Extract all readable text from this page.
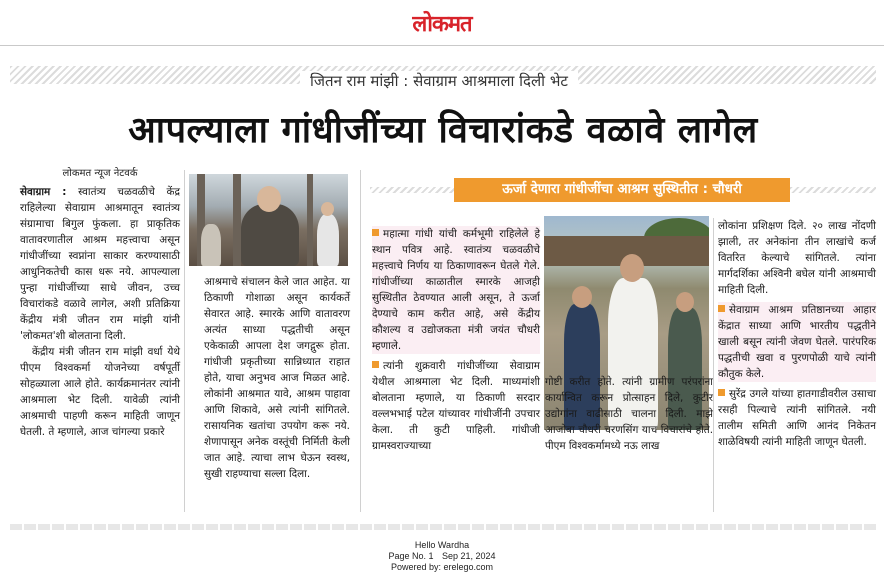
लोकमत
जितन राम मांझी : सेवाग्राम आश्रमाला दिली भेट
आपल्याला गांधीजींच्या विचारांकडे वळावे लागेल
लोकमत न्यूज नेटवर्क

सेवाग्राम : स्वातंत्र्य चळवळीचे केंद्र राहिलेल्या सेवाग्राम आश्रमातून स्वातंत्र्य संग्रामाचा बिगुल फुंकला. हा प्राकृतिक वातावरणातील आश्रम महत्त्वाचा असून गांधीजींच्या स्वप्नांना साकार करण्यासाठी आधुनिकतेची कास धरू नये. आपल्याला पुन्हा गांधीजींच्या साधे जीवन, उच्च विचारांकडे वळावे लागेल, अशी प्रतिक्रिया केंद्रीय मंत्री जीतन राम मांझी यांनी 'लोकमत'शी बोलताना दिली.

केंद्रीय मंत्री जीतन राम मांझी वर्धा येथे पीएम विश्वकर्मा योजनेच्या वर्षपूर्ती सोहळ्याला आले होते. कार्यक्रमानंतर त्यांनी आश्रमाला भेट दिली. यावेळी त्यांनी आश्रमाची पाहणी करून माहिती जाणून घेतली. ते म्हणाले, आज चांगल्या प्रकारे

आश्रमाचे संचालन केले जात आहेत. या ठिकाणी गोशाळा असून कार्यकर्ते सेवारत आहे. स्मारके आणि वातावरण अत्यंत साध्या पद्धतीची असून एकेकाळी आपला देश जगद्गुरू होता. गांधीजी प्रकृतीच्या सान्निध्यात राहात होते, याचा अनुभव आज मिळत आहे. लोकांनी आश्रमात यावे, आश्रम पाहावा आणि शिकावे, असे त्यांनी सांगितले. रासायनिक खतांचा उपयोग करू नये. शेणापासून अनेक वस्तूंची निर्मिती केली जात आहे. त्याचा लाभ घेऊन स्वस्थ, सुखी राहण्याचा सल्ला दिला.

ऊर्जा देणारा गांधीजींचा आश्रम सुस्थितीत : चौधरी

महात्मा गांधी यांची कर्मभूमी राहिलेले हे स्थान पवित्र आहे. स्वातंत्र्य चळवळीचे महत्त्वाचे निर्णय या ठिकाणावरून घेतले गेले. गांधीजींच्या काळातील स्मारके आजही सुस्थितीत ठेवण्यात आली असून, ते ऊर्जा देण्याचे काम करीत आहे, असे केंद्रीय कौशल्य व उद्योजकता मंत्री जयंत चौधरी म्हणाले.

त्यांनी शुक्रवारी गांधीजींच्या सेवाग्राम येथील आश्रमाला भेट दिली. माध्यमांशी बोलताना म्हणाले, या ठिकाणी सरदार वल्लभभाई पटेल यांच्यावर गांधीजींनी उपचार केला. ती कुटी पाहिली. गांधीजी ग्रामस्वराज्याच्या

गोष्टी करीत होते. त्यांनी ग्रामीण परंपरांना कार्यान्वित करून प्रोत्साहन दिले, कुटीर उद्योगांना वाढीसाठी चालना दिली. माझे आजोबा चौधरी चरणसिंग याच विचारांचे होते. पीएम विश्वकर्मामध्ये नऊ लाख

लोकांना प्रशिक्षण दिले. २० लाख नोंदणी झाली, तर अनेकांना तीन लाखांचे कर्ज वितरित केल्याचे सांगितले. त्यांना मार्गदर्शिका अश्विनी बघेल यांनी आश्रमाची माहिती दिली.

सेवाग्राम आश्रम प्रतिष्ठानच्या आहार केंद्रात साध्या आणि भारतीय पद्धतीने खाली बसून त्यांनी जेवण घेतले. पारंपरिक पद्धतीची खवा व पुरणपोळी याचे त्यांनी कौतुक केले.

सुरेंद्र उगले यांच्या हातगाडीवरील उसाचा रसही पिल्याचे त्यांनी सांगितले. नयी तालीम समिती आणि आनंद निकेतन शाळेविषयी त्यांनी माहिती जाणून घेतली.

Hello Wardha
Page No. 1 Sep 21, 2024
Powered by: erelego.com
